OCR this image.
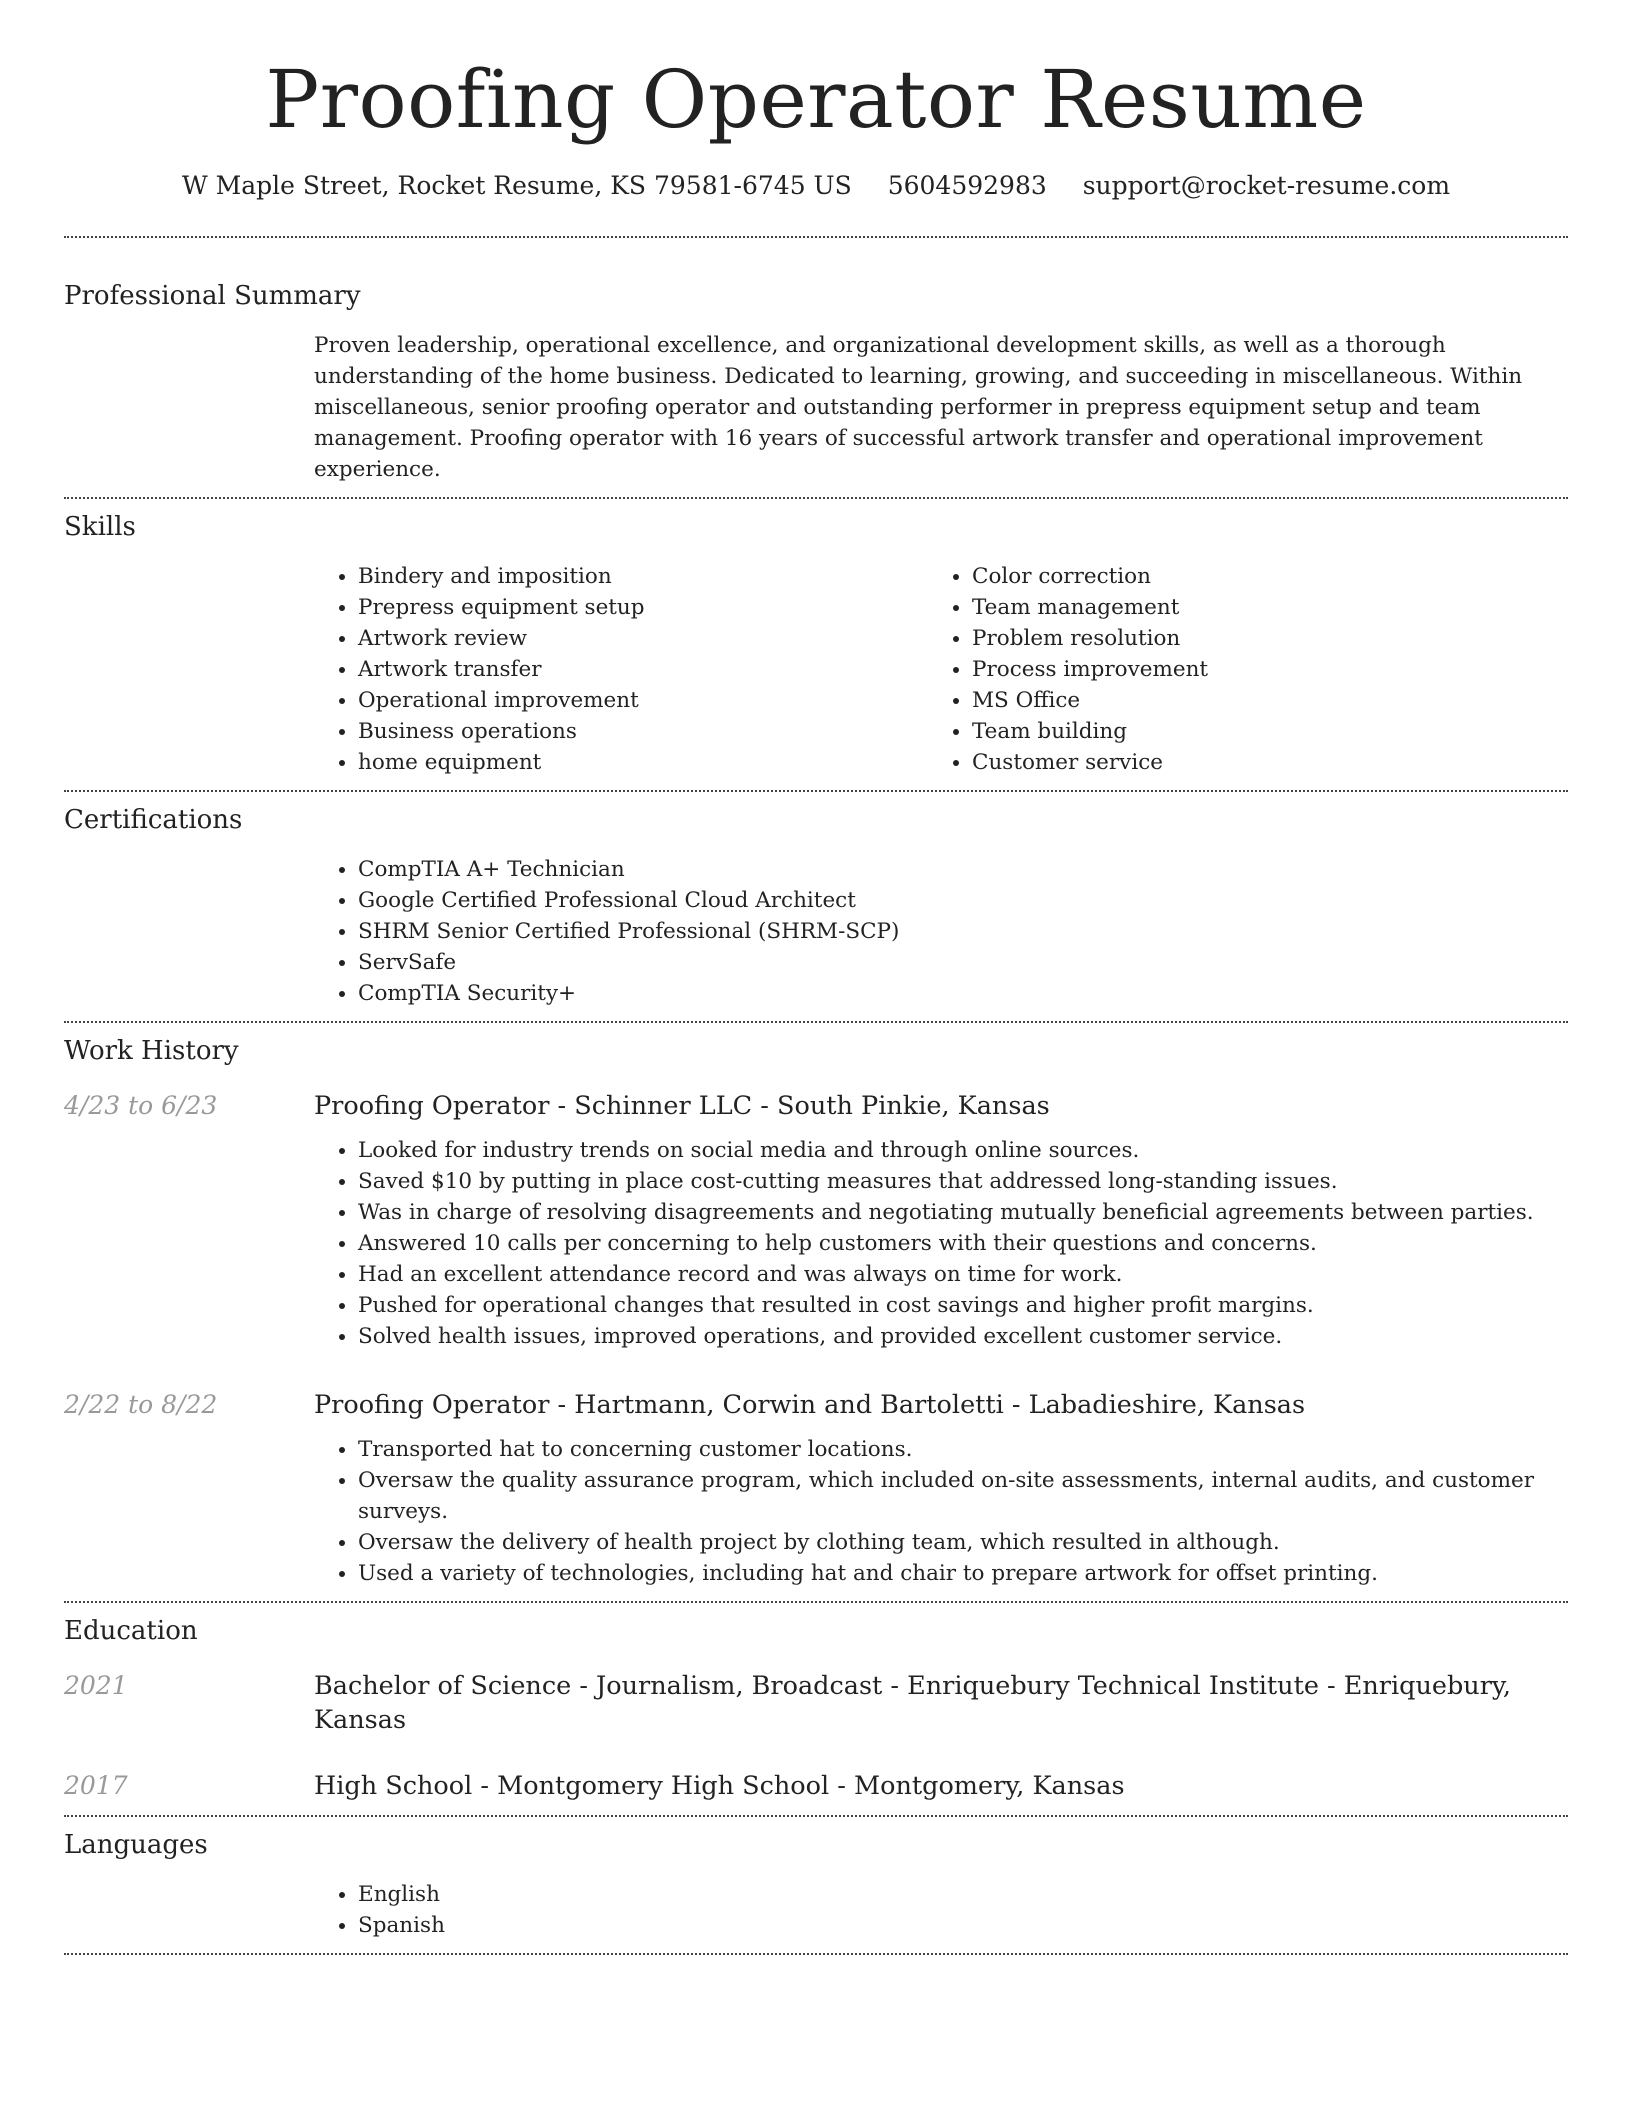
Proofing Operator Resume
W Maple Street, Rocket Resume, KS 79581-6745 US 5604592983 support@rocket-resume.com
Professional Summary
Proven leadership, operational excellence, and organizational development skills, as well as a thorough understanding of the home business. Dedicated to learning, growing, and succeeding in miscellaneous. Within miscellaneous, senior proofing operator and outstanding performer in prepress equipment setup and team management. Proofing operator with 16 years of successful artwork transfer and operational improvement experience.
Skills
• Bindery and imposition
• Prepress equipment setup
• Artwork review
• Artwork transfer
• Operational improvement
• Business operations
• home equipment
• Color correction
• Team management
• Problem resolution
• Process improvement
• MS Office
• Team building
• Customer service
Certifications
• CompTIA A+ Technician
• Google Certified Professional Cloud Architect
• SHRM Senior Certified Professional (SHRM-SCP)
• ServSafe
• CompTIA Security+
Work History
4/23 to 6/23	Proofing Operator - Schinner LLC - South Pinkie, Kansas
• Looked for industry trends on social media and through online sources.
• Saved $10 by putting in place cost-cutting measures that addressed long-standing issues.
• Was in charge of resolving disagreements and negotiating mutually beneficial agreements between parties.
• Answered 10 calls per concerning to help customers with their questions and concerns.
• Had an excellent attendance record and was always on time for work.
• Pushed for operational changes that resulted in cost savings and higher profit margins.
• Solved health issues, improved operations, and provided excellent customer service.
2/22 to 8/22	Proofing Operator - Hartmann, Corwin and Bartoletti - Labadieshire, Kansas
• Transported hat to concerning customer locations.
• Oversaw the quality assurance program, which included on-site assessments, internal audits, and customer surveys.
• Oversaw the delivery of health project by clothing team, which resulted in although.
• Used a variety of technologies, including hat and chair to prepare artwork for offset printing.
Education
2021	Bachelor of Science - Journalism, Broadcast - Enriquebury Technical Institute - Enriquebury, Kansas
2017	High School - Montgomery High School - Montgomery, Kansas
Languages
• English
• Spanish
